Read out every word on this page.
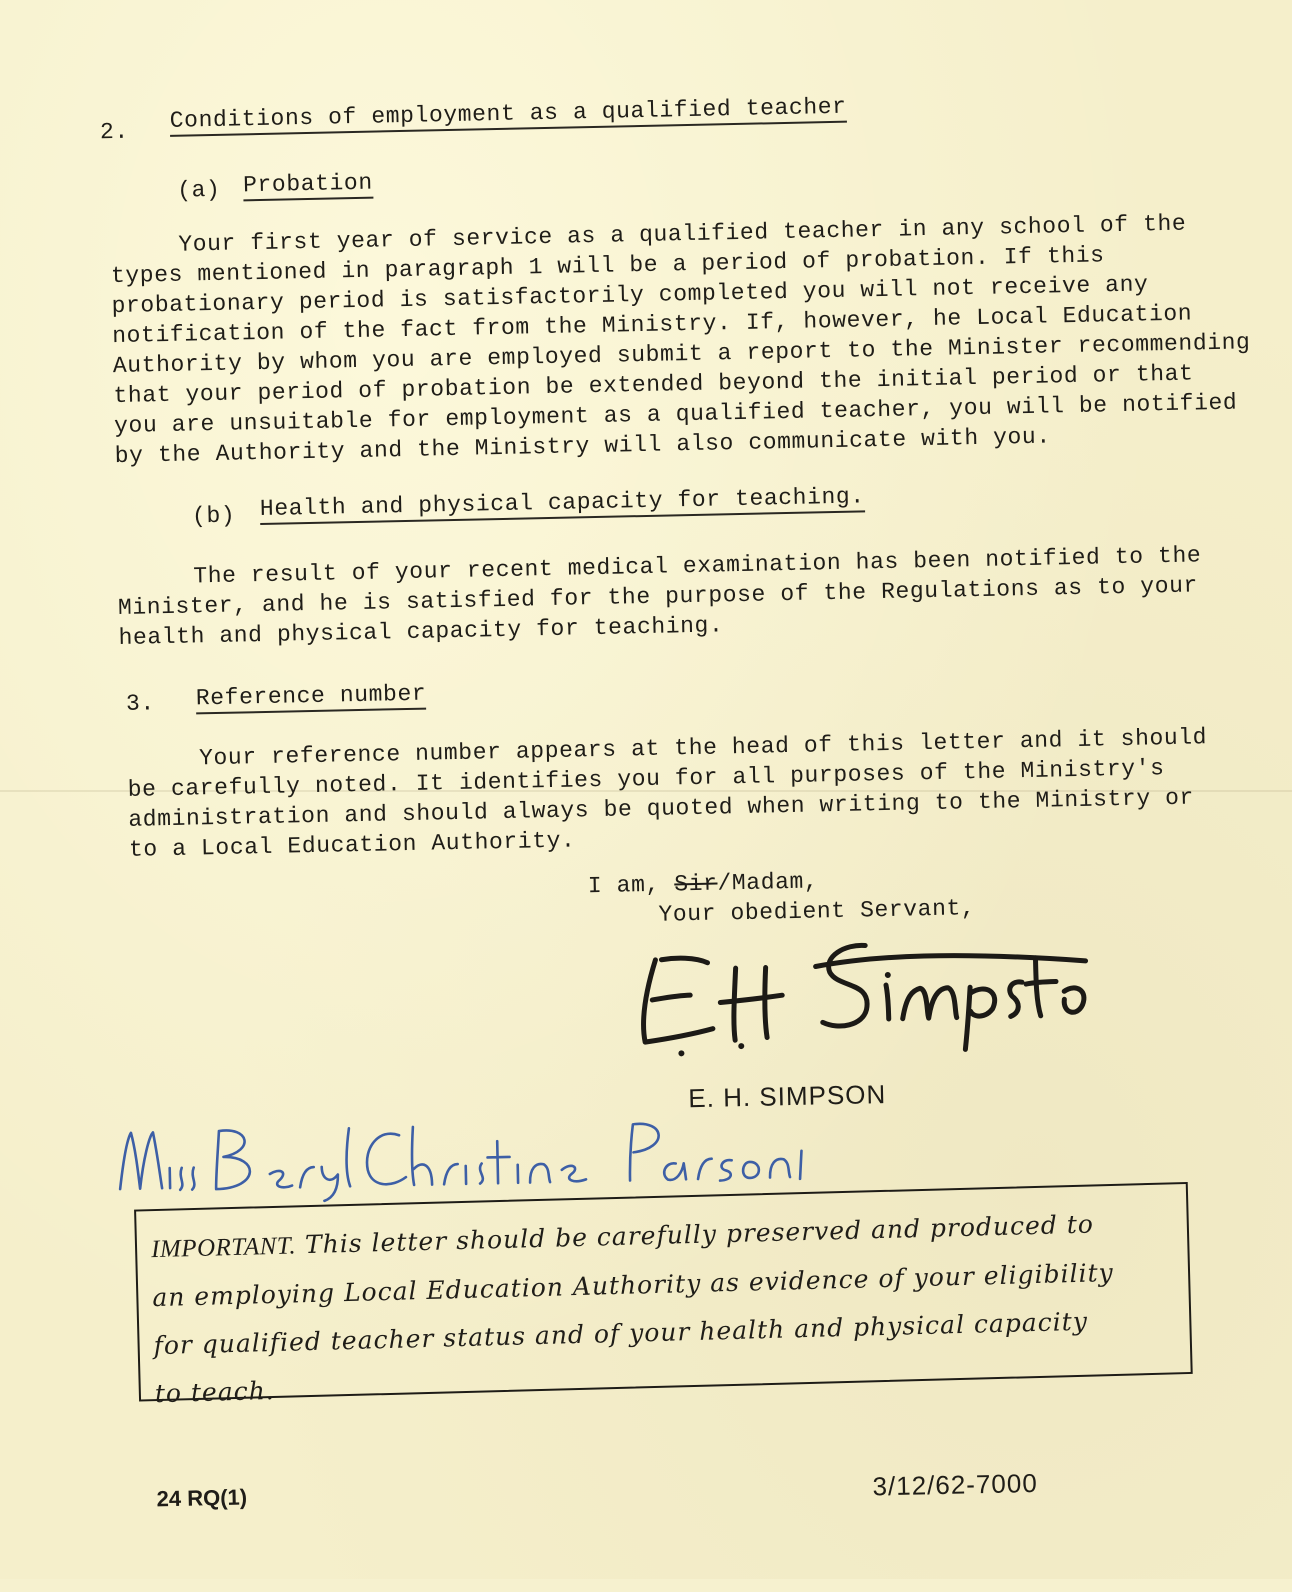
2. Conditions of employment as a qualified teacher
(a) Probation
Your first year of service as a qualified teacher in any school of the
types mentioned in paragraph 1 will be a period of probation. If this
probationary period is satisfactorily completed you will not receive any
notification of the fact from the Ministry. If, however, he Local Education
Authority by whom you are employed submit a report to the Minister recommending
that your period of probation be extended beyond the initial period or that
you are unsuitable for employment as a qualified teacher, you will be notified
by the Authority and the Ministry will also communicate with you.
(b) Health and physical capacity for teaching.
The result of your recent medical examination has been notified to the
Minister, and he is satisfied for the purpose of the Regulations as to your
health and physical capacity for teaching.
3. Reference number
Your reference number appears at the head of this letter and it should
be carefully noted. It identifies you for all purposes of the Ministry's
administration and should always be quoted when writing to the Ministry or
to a Local Education Authority.
I am, Sir/Madam,
Your obedient Servant,
E. H. SIMPSON
IMPORTANT. This letter should be carefully preserved and produced to
an employing Local Education Authority as evidence of your eligibility
for qualified teacher status and of your health and physical capacity
to teach.
24 RQ(1)	3/12/62-7000
